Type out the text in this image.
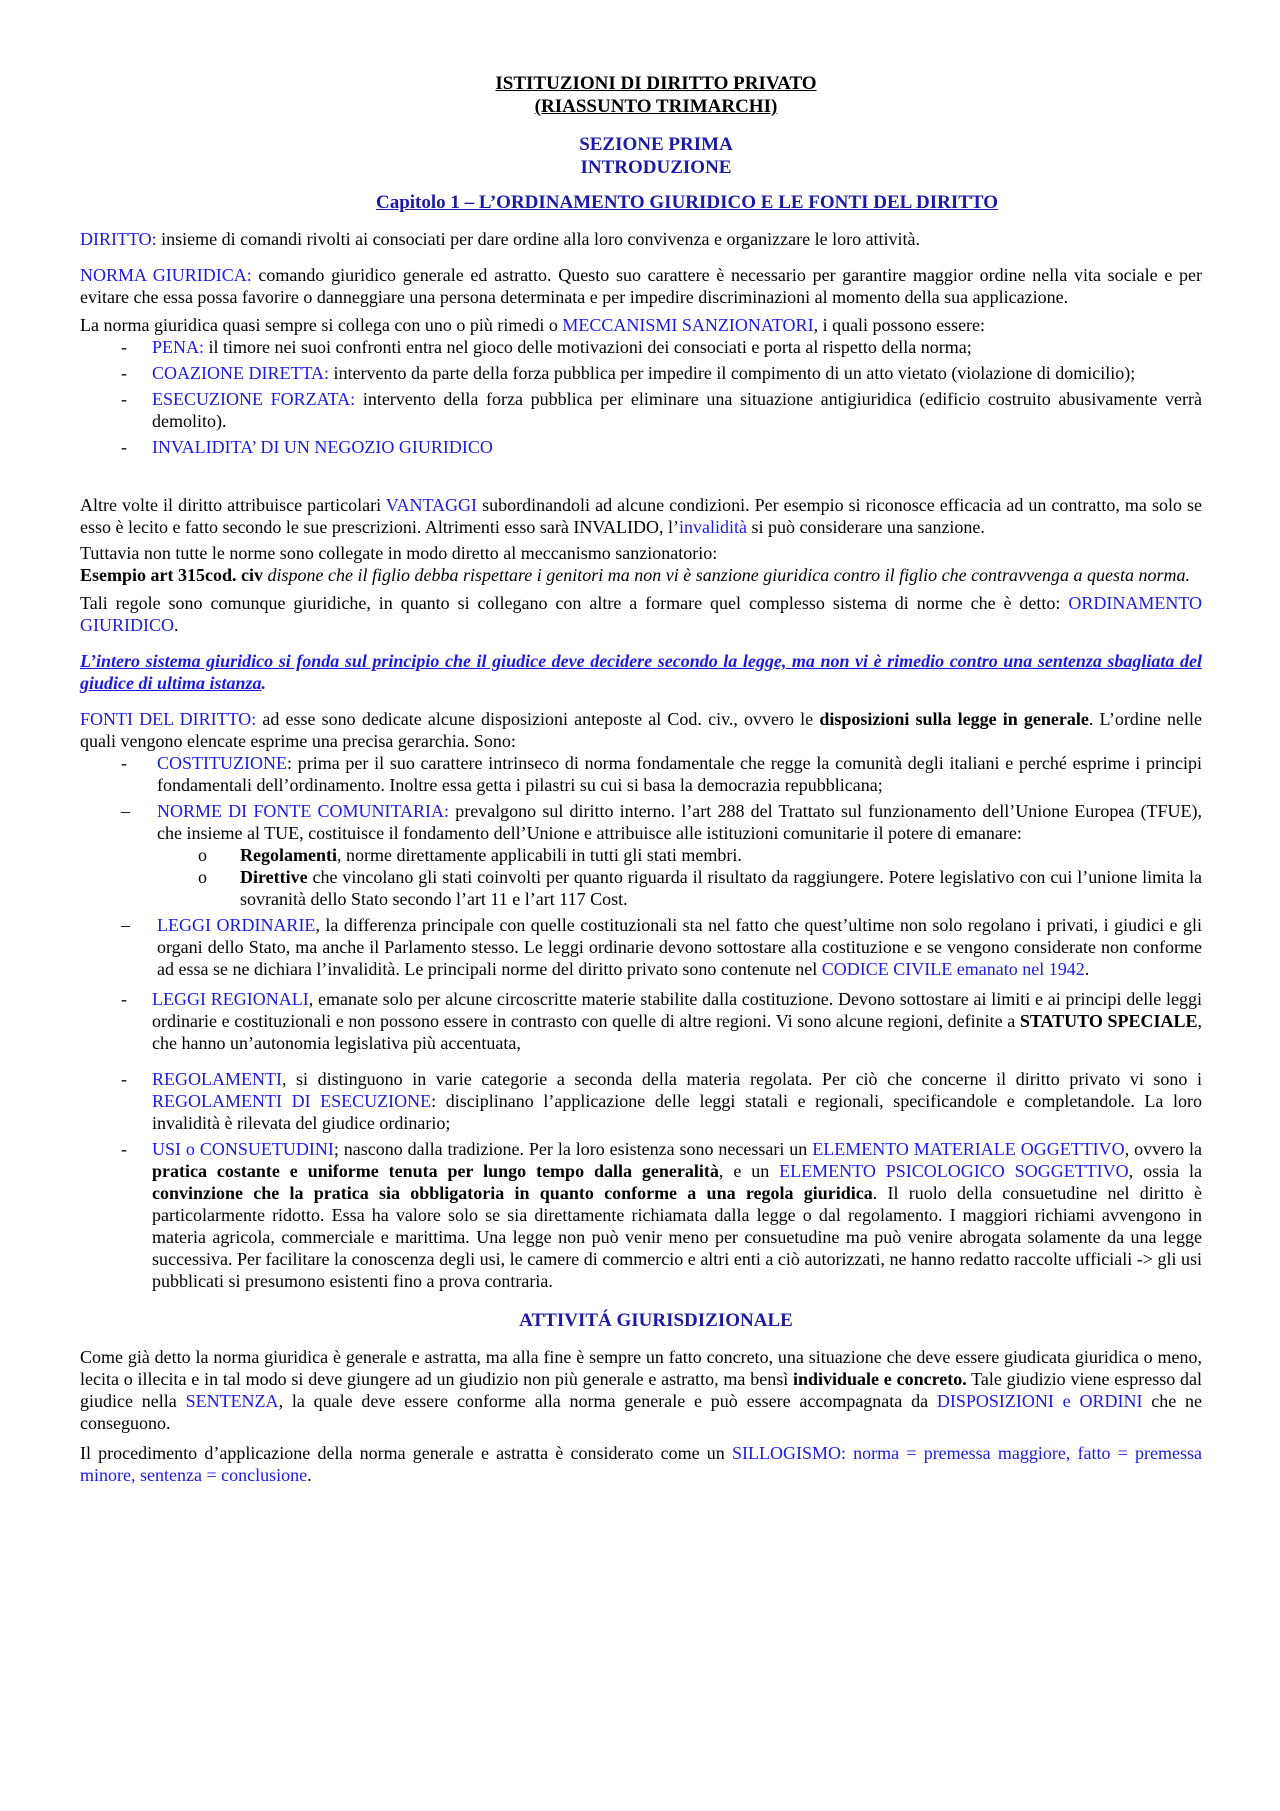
ISTITUZIONI DI DIRITTO PRIVATO
(RIASSUNTO TRIMARCHI)
SEZIONE PRIMA
INTRODUZIONE
Capitolo 1 – L’ORDINAMENTO GIURIDICO E LE FONTI DEL DIRITTO

DIRITTO: insieme di comandi rivolti ai consociati per dare ordine alla loro convivenza e organizzare le loro attività.

NORMA GIURIDICA: comando giuridico generale ed astratto. Questo suo carattere è necessario per garantire maggior ordine nella vita sociale e per evitare che essa possa favorire o danneggiare una persona determinata e per impedire discriminazioni al momento della sua applicazione.

La norma giuridica quasi sempre si collega con uno o più rimedi o MECCANISMI SANZIONATORI, i quali possono essere:

-	PENA: il timore nei suoi confronti entra nel gioco delle motivazioni dei consociati e porta al rispetto della norma;
-	COAZIONE DIRETTA: intervento da parte della forza pubblica per impedire il compimento di un atto vietato (violazione di domicilio);
-	ESECUZIONE FORZATA: intervento della forza pubblica per eliminare una situazione antigiuridica (edificio costruito abusivamente verrà demolito).
-	INVALIDITA’ DI UN NEGOZIO GIURIDICO

Altre volte il diritto attribuisce particolari VANTAGGI subordinandoli ad alcune condizioni. Per esempio si riconosce efficacia ad un contratto, ma solo se esso è lecito e fatto secondo le sue prescrizioni. Altrimenti esso sarà INVALIDO, l’invalidità si può considerare una sanzione.

Tuttavia non tutte le norme sono collegate in modo diretto al meccanismo sanzionatorio:

Esempio art 315cod. civ dispone che il figlio debba rispettare i genitori ma non vi è sanzione giuridica contro il figlio che contravvenga a questa norma.

Tali regole sono comunque giuridiche, in quanto si collegano con altre a formare quel complesso sistema di norme che è detto: ORDINAMENTO GIURIDICO.

L’intero sistema giuridico si fonda sul principio che il giudice deve decidere secondo la legge, ma non vi è rimedio contro una sentenza sbagliata del giudice di ultima istanza.

FONTI DEL DIRITTO: ad esse sono dedicate alcune disposizioni anteposte al Cod. civ., ovvero le disposizioni sulla legge in generale. L’ordine nelle quali vengono elencate esprime una precisa gerarchia. Sono:

-	COSTITUZIONE: prima per il suo carattere intrinseco di norma fondamentale che regge la comunità degli italiani e perché esprime i principi fondamentali dell’ordinamento. Inoltre essa getta i pilastri su cui si basa la democrazia repubblicana;
–	NORME DI FONTE COMUNITARIA: prevalgono sul diritto interno. l’art 288 del Trattato sul funzionamento dell’Unione Europea (TFUE), che insieme al TUE, costituisce il fondamento dell’Unione e attribuisce alle istituzioni comunitarie il potere di emanare:
o	Regolamenti, norme direttamente applicabili in tutti gli stati membri.
o	Direttive che vincolano gli stati coinvolti per quanto riguarda il risultato da raggiungere. Potere legislativo con cui l’unione limita la sovranità dello Stato secondo l’art 11 e l’art 117 Cost.
–	LEGGI ORDINARIE, la differenza principale con quelle costituzionali sta nel fatto che quest’ultime non solo regolano i privati, i giudici e gli organi dello Stato, ma anche il Parlamento stesso. Le leggi ordinarie devono sottostare alla costituzione e se vengono considerate non conforme ad essa se ne dichiara l’invalidità. Le principali norme del diritto privato sono contenute nel CODICE CIVILE emanato nel 1942.
-	LEGGI REGIONALI, emanate solo per alcune circoscritte materie stabilite dalla costituzione. Devono sottostare ai limiti e ai principi delle leggi ordinarie e costituzionali e non possono essere in contrasto con quelle di altre regioni. Vi sono alcune regioni, definite a STATUTO SPECIALE, che hanno un’autonomia legislativa più accentuata,
-	REGOLAMENTI, si distinguono in varie categorie a seconda della materia regolata. Per ciò che concerne il diritto privato vi sono i REGOLAMENTI DI ESECUZIONE: disciplinano l’applicazione delle leggi statali e regionali, specificandole e completandole. La loro invalidità è rilevata del giudice ordinario;
-	USI o CONSUETUDINI; nascono dalla tradizione. Per la loro esistenza sono necessari un ELEMENTO MATERIALE OGGETTIVO, ovvero la pratica costante e uniforme tenuta per lungo tempo dalla generalità, e un ELEMENTO PSICOLOGICO SOGGETTIVO, ossia la convinzione che la pratica sia obbligatoria in quanto conforme a una regola giuridica. Il ruolo della consuetudine nel diritto è particolarmente ridotto. Essa ha valore solo se sia direttamente richiamata dalla legge o dal regolamento. I maggiori richiami avvengono in materia agricola, commerciale e marittima. Una legge non può venir meno per consuetudine ma può venire abrogata solamente da una legge successiva. Per facilitare la conoscenza degli usi, le camere di commercio e altri enti a ciò autorizzati, ne hanno redatto raccolte ufficiali -> gli usi pubblicati si presumono esistenti fino a prova contraria.
ATTIVITÁ GIURISDIZIONALE

Come già detto la norma giuridica è generale e astratta, ma alla fine è sempre un fatto concreto, una situazione che deve essere giudicata giuridica o meno, lecita o illecita e in tal modo si deve giungere ad un giudizio non più generale e astratto, ma bensì individuale e concreto. Tale giudizio viene espresso dal giudice nella SENTENZA, la quale deve essere conforme alla norma generale e può essere accompagnata da DISPOSIZIONI e ORDINI che ne conseguono.

Il procedimento d’applicazione della norma generale e astratta è considerato come un SILLOGISMO: norma = premessa maggiore, fatto = premessa minore, sentenza = conclusione.
